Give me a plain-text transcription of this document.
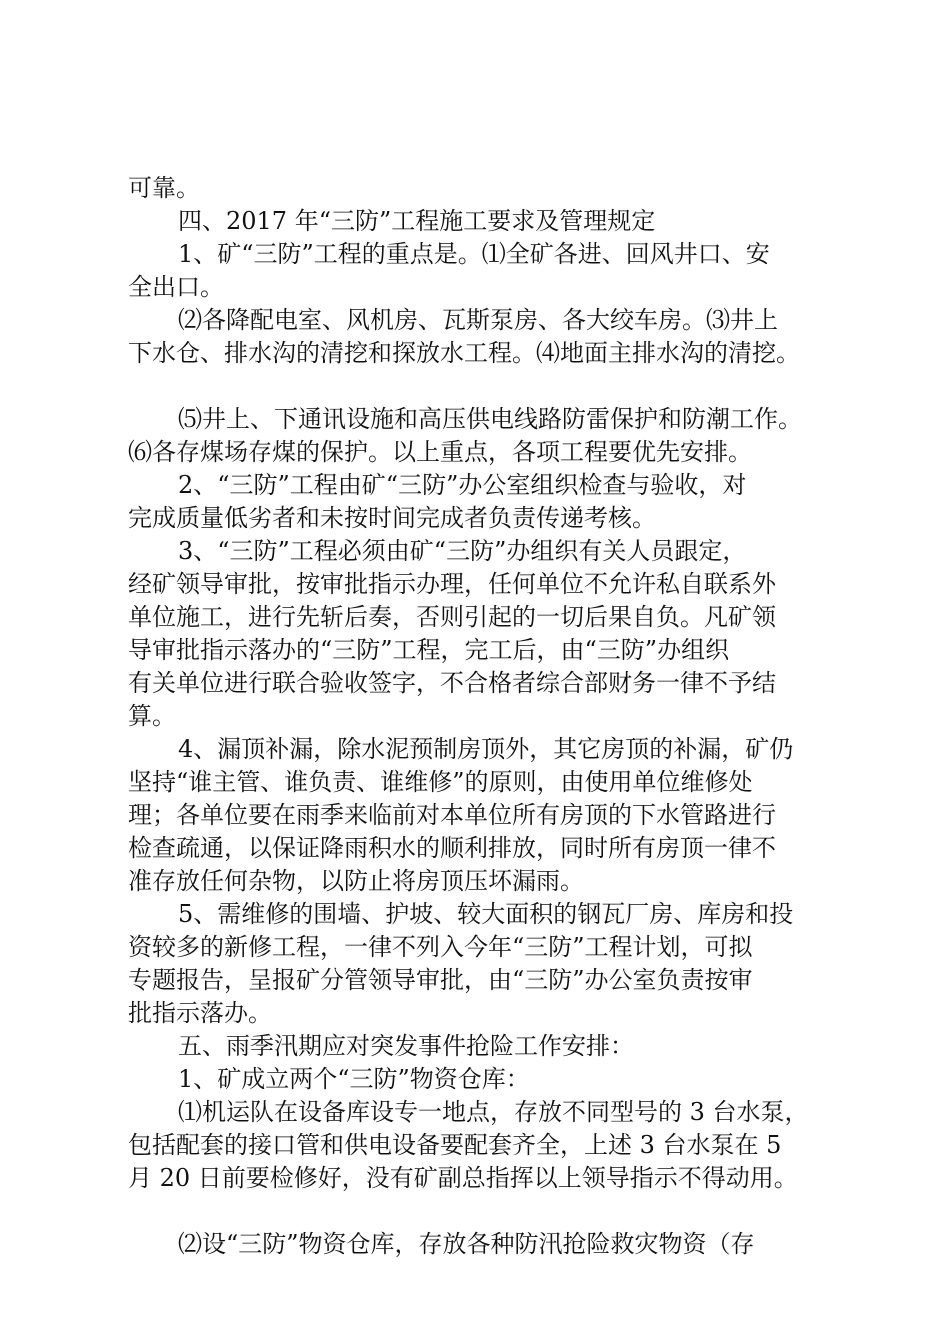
可靠。

四、2017 年“三防”工程施工要求及管理规定

1、矿“三防”工程的重点是。⑴全矿各进、回风井口、安

全出口。

⑵各降配电室、风机房、瓦斯泵房、各大绞车房。⑶井上

下水仓、排水沟的清挖和探放水工程。⑷地面主排水沟的清挖。

⑸井上、下通讯设施和高压供电线路防雷保护和防潮工作。

⑹各存煤场存煤的保护。以上重点，各项工程要优先安排。

2、“三防”工程由矿“三防”办公室组织检查与验收，对

完成质量低劣者和未按时间完成者负责传递考核。

3、“三防”工程必须由矿“三防”办组织有关人员跟定，

经矿领导审批，按审批指示办理，任何单位不允许私自联系外

单位施工，进行先斩后奏，否则引起的一切后果自负。凡矿领

导审批指示落办的“三防”工程，完工后，由“三防”办组织

有关单位进行联合验收签字，不合格者综合部财务一律不予结

算。

4、漏顶补漏，除水泥预制房顶外，其它房顶的补漏，矿仍

坚持“谁主管、谁负责、谁维修”的原则，由使用单位维修处

理；各单位要在雨季来临前对本单位所有房顶的下水管路进行

检查疏通，以保证降雨积水的顺利排放，同时所有房顶一律不

准存放任何杂物，以防止将房顶压坏漏雨。

5、需维修的围墙、护坡、较大面积的钢瓦厂房、库房和投

资较多的新修工程，一律不列入今年“三防”工程计划，可拟

专题报告，呈报矿分管领导审批，由“三防”办公室负责按审

批指示落办。

五、雨季汛期应对突发事件抢险工作安排：

1、矿成立两个“三防”物资仓库：

⑴机运队在设备库设专一地点，存放不同型号的 3 台水泵，

包括配套的接口管和供电设备要配套齐全，上述 3 台水泵在 5

月 20 日前要检修好，没有矿副总指挥以上领导指示不得动用。

⑵设“三防”物资仓库，存放各种防汛抢险救灾物资（存
